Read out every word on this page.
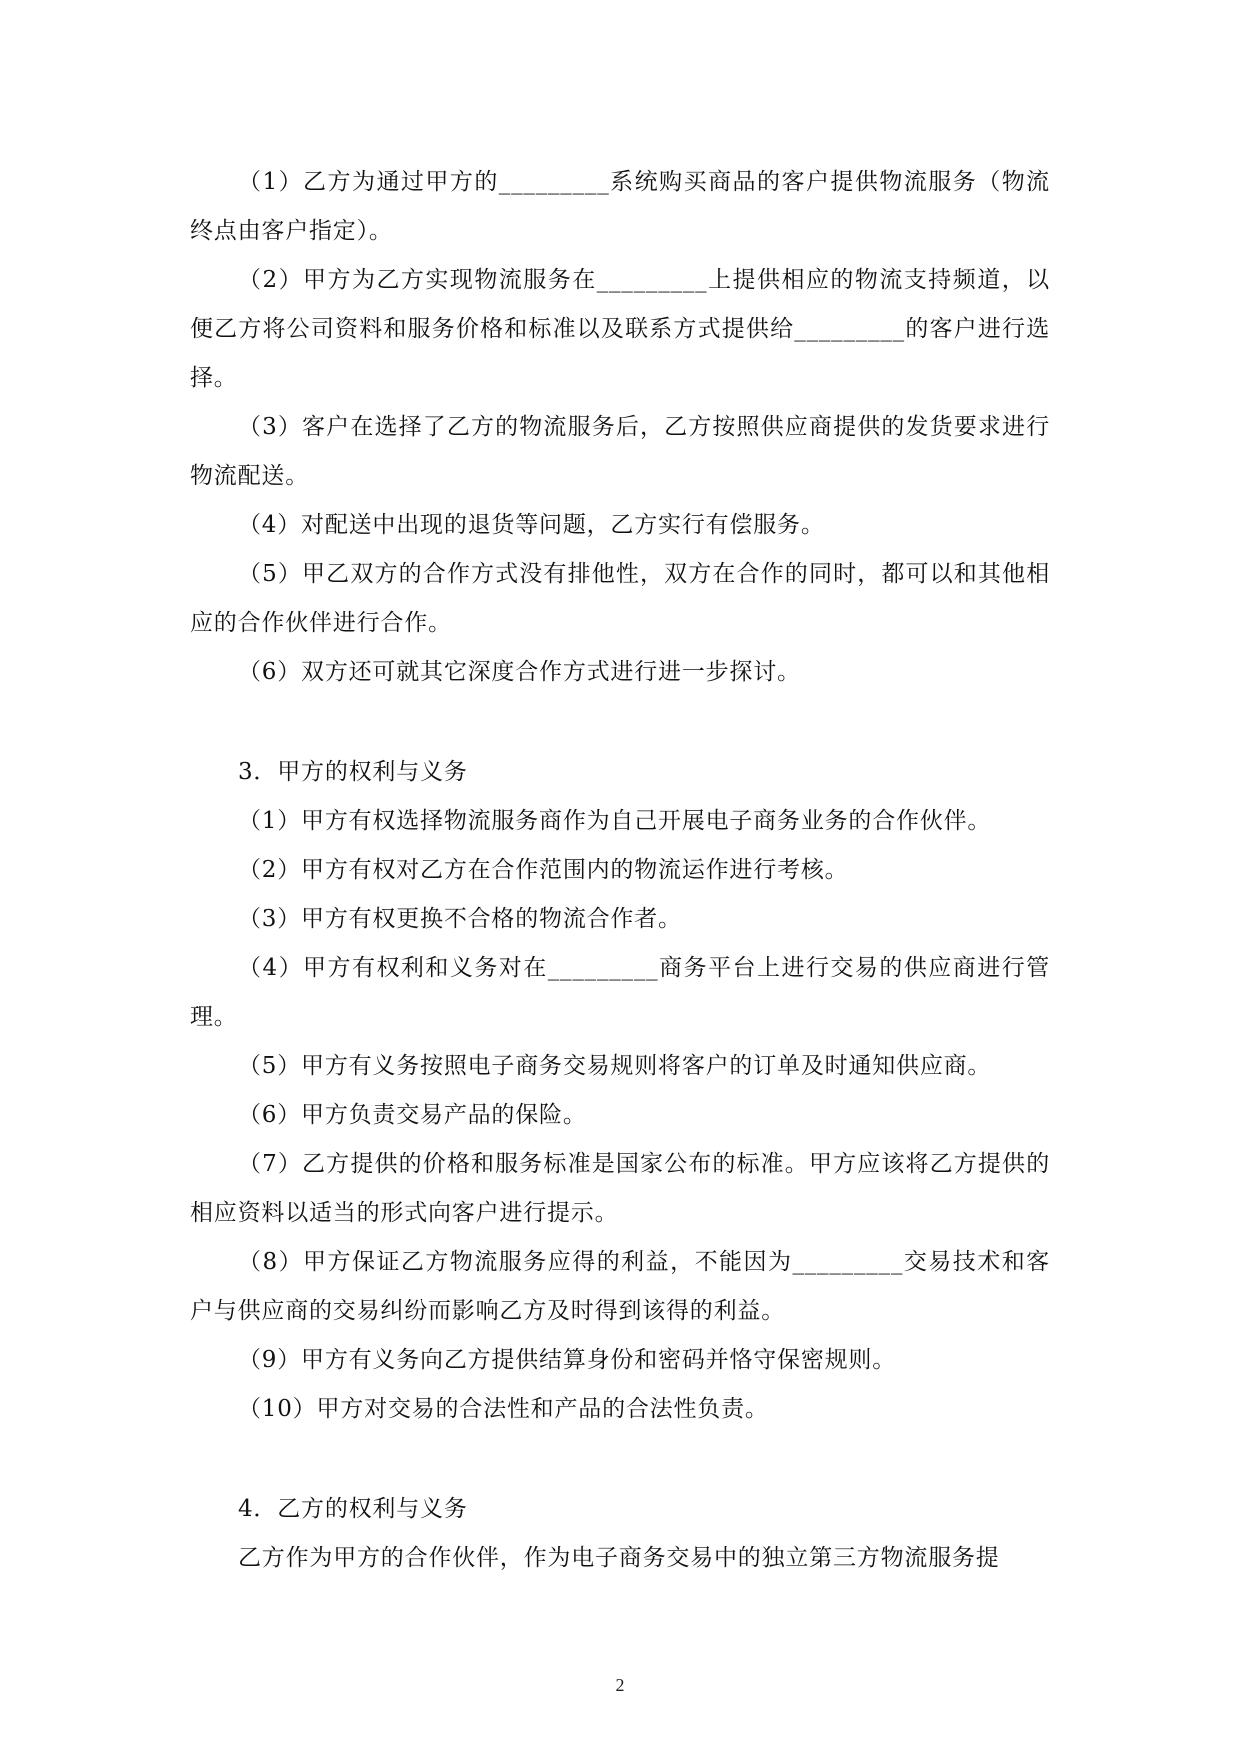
（1）乙方为通过甲方的_________系统购买商品的客户提供物流服务（物流终点由客户指定）。

（2）甲方为乙方实现物流服务在_________上提供相应的物流支持频道，以便乙方将公司资料和服务价格和标准以及联系方式提供给_________的客户进行选择。

（3）客户在选择了乙方的物流服务后，乙方按照供应商提供的发货要求进行物流配送。

（4）对配送中出现的退货等问题，乙方实行有偿服务。

（5）甲乙双方的合作方式没有排他性，双方在合作的同时，都可以和其他相应的合作伙伴进行合作。

（6）双方还可就其它深度合作方式进行进一步探讨。

3．甲方的权利与义务

（1）甲方有权选择物流服务商作为自己开展电子商务业务的合作伙伴。

（2）甲方有权对乙方在合作范围内的物流运作进行考核。

（3）甲方有权更换不合格的物流合作者。

（4）甲方有权利和义务对在_________商务平台上进行交易的供应商进行管理。

（5）甲方有义务按照电子商务交易规则将客户的订单及时通知供应商。

（6）甲方负责交易产品的保险。

（7）乙方提供的价格和服务标准是国家公布的标准。甲方应该将乙方提供的相应资料以适当的形式向客户进行提示。

（8）甲方保证乙方物流服务应得的利益，不能因为_________交易技术和客户与供应商的交易纠纷而影响乙方及时得到该得的利益。

（9）甲方有义务向乙方提供结算身份和密码并恪守保密规则。

（10）甲方对交易的合法性和产品的合法性负责。

4．乙方的权利与义务

乙方作为甲方的合作伙伴，作为电子商务交易中的独立第三方物流服务提

2
